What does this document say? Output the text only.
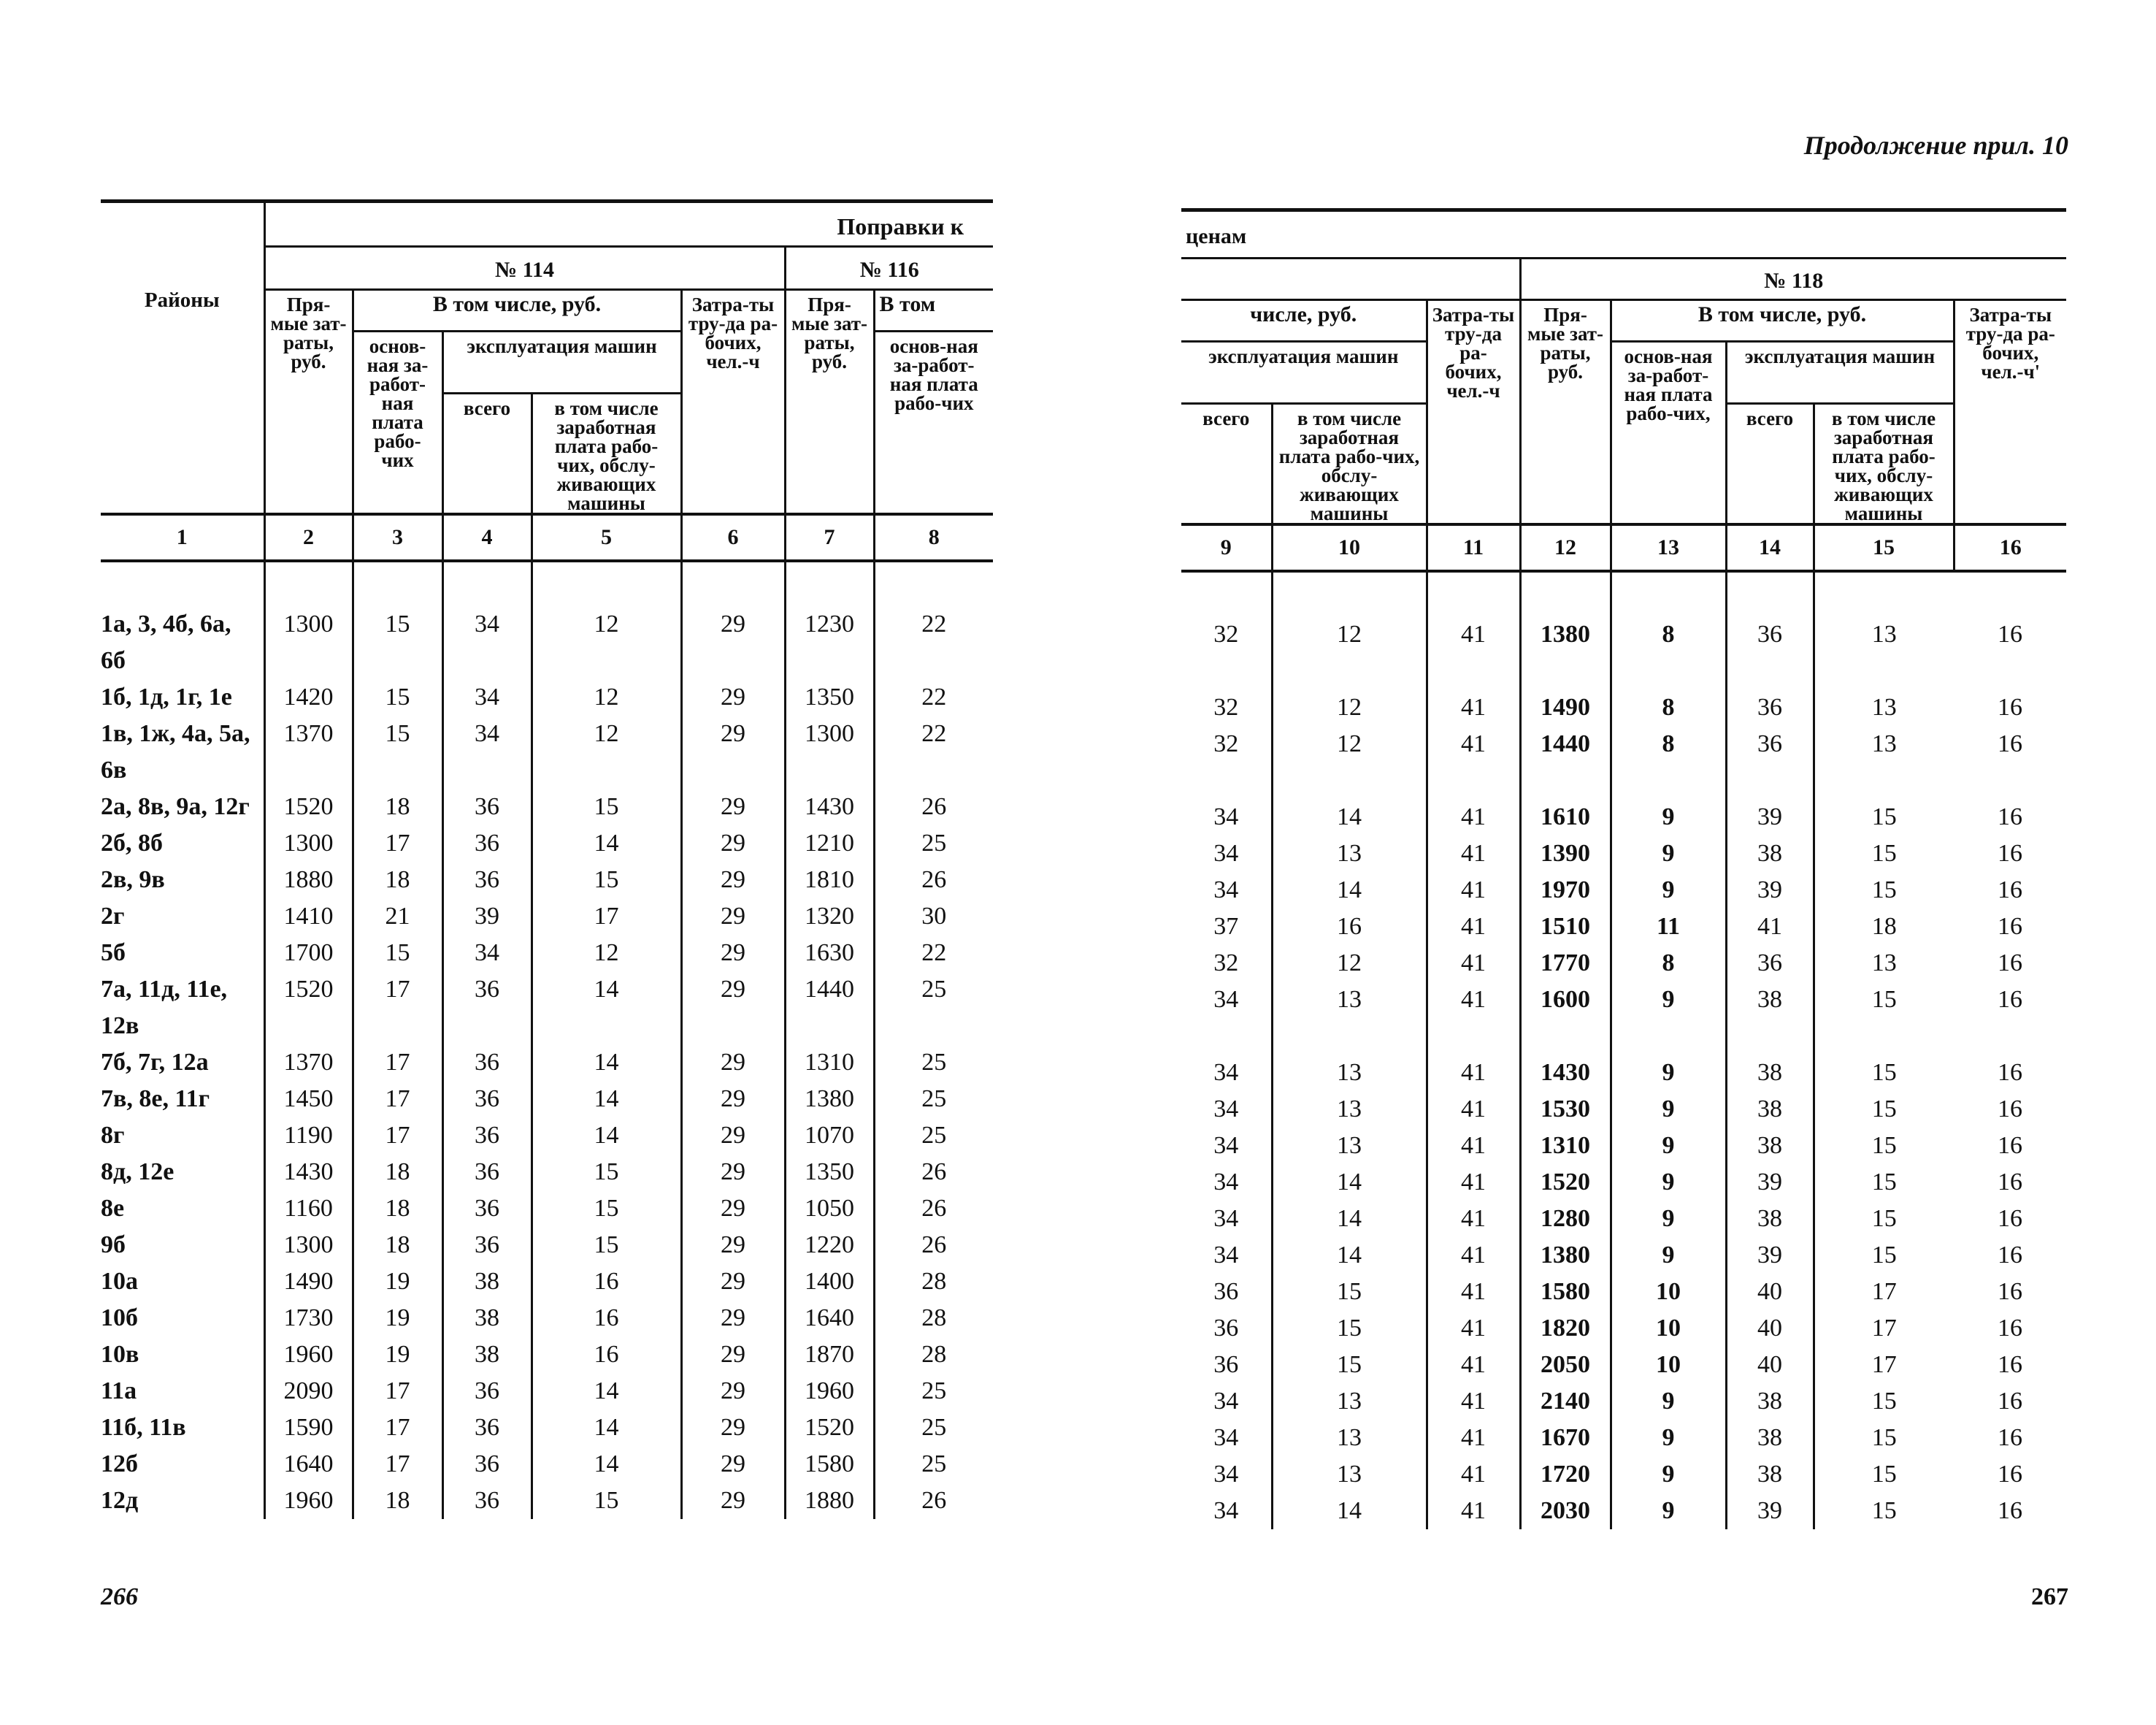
Районы	Поправки к						
	№ 114					№ 116	
	Пря-мые зат-раты, руб.	В том числе, руб.			Затра-ты тру-да ра-бочих, чел.-ч	Пря-мые зат-раты, руб.	В том
		основ-ная за-работ-ная плата рабо-чих	эксплуатация машин				основ-ная за-работ-ная плата рабо-чих
			всего	в том числе заработная плата рабо-чих, обслу-живающих машины			
1	2	3	4	5	6	7	8

1а, 3, 4б, 6а, 6б	1300	15	34	12	29	1230	22
1б, 1д, 1г, 1е	1420	15	34	12	29	1350	22
1в, 1ж, 4а, 5а, 6в	1370	15	34	12	29	1300	22
2а, 8в, 9а, 12г	1520	18	36	15	29	1430	26
2б, 8б	1300	17	36	14	29	1210	25
2в, 9в	1880	18	36	15	29	1810	26
2г	1410	21	39	17	29	1320	30
5б	1700	15	34	12	29	1630	22
7а, 11д, 11е, 12в	1520	17	36	14	29	1440	25
7б, 7г, 12а	1370	17	36	14	29	1310	25
7в, 8е, 11г	1450	17	36	14	29	1380	25
8г	1190	17	36	14	29	1070	25
8д, 12е	1430	18	36	15	29	1350	26
8е	1160	18	36	15	29	1050	26
9б	1300	18	36	15	29	1220	26
10а	1490	19	38	16	29	1400	28
10б	1730	19	38	16	29	1640	28
10в	1960	19	38	16	29	1870	28
11а	2090	17	36	14	29	1960	25
11б, 11в	1590	17	36	14	29	1520	25
12б	1640	17	36	14	29	1580	25
12д	1960	18	36	15	29	1880	26
266
Продолжение прил. 10
ценам							
			№ 118				
числе, руб.		Затра-ты тру-да ра-бочих, чел.-ч	Пря-мые зат-раты, руб.	В том числе, руб.			Затра-ты тру-да ра-бочих, чел.-ч'
эксплуатация машин				основ-ная за-работ-ная плата рабо-чих,	эксплуатация машин		
всего	в том числе заработная плата рабо-чих, обслу-живающих машины				всего	в том числе заработная плата рабо-чих, обслу-живающих машины	
9	10	11	12	13	14	15	16

32	12	41	1380	8	36	13	16
32	12	41	1490	8	36	13	16
32	12	41	1440	8	36	13	16
34	14	41	1610	9	39	15	16
34	13	41	1390	9	38	15	16
34	14	41	1970	9	39	15	16
37	16	41	1510	11	41	18	16
32	12	41	1770	8	36	13	16
34	13	41	1600	9	38	15	16
34	13	41	1430	9	38	15	16
34	13	41	1530	9	38	15	16
34	13	41	1310	9	38	15	16
34	14	41	1520	9	39	15	16
34	14	41	1280	9	38	15	16
34	14	41	1380	9	39	15	16
36	15	41	1580	10	40	17	16
36	15	41	1820	10	40	17	16
36	15	41	2050	10	40	17	16
34	13	41	2140	9	38	15	16
34	13	41	1670	9	38	15	16
34	13	41	1720	9	38	15	16
34	14	41	2030	9	39	15	16
267
